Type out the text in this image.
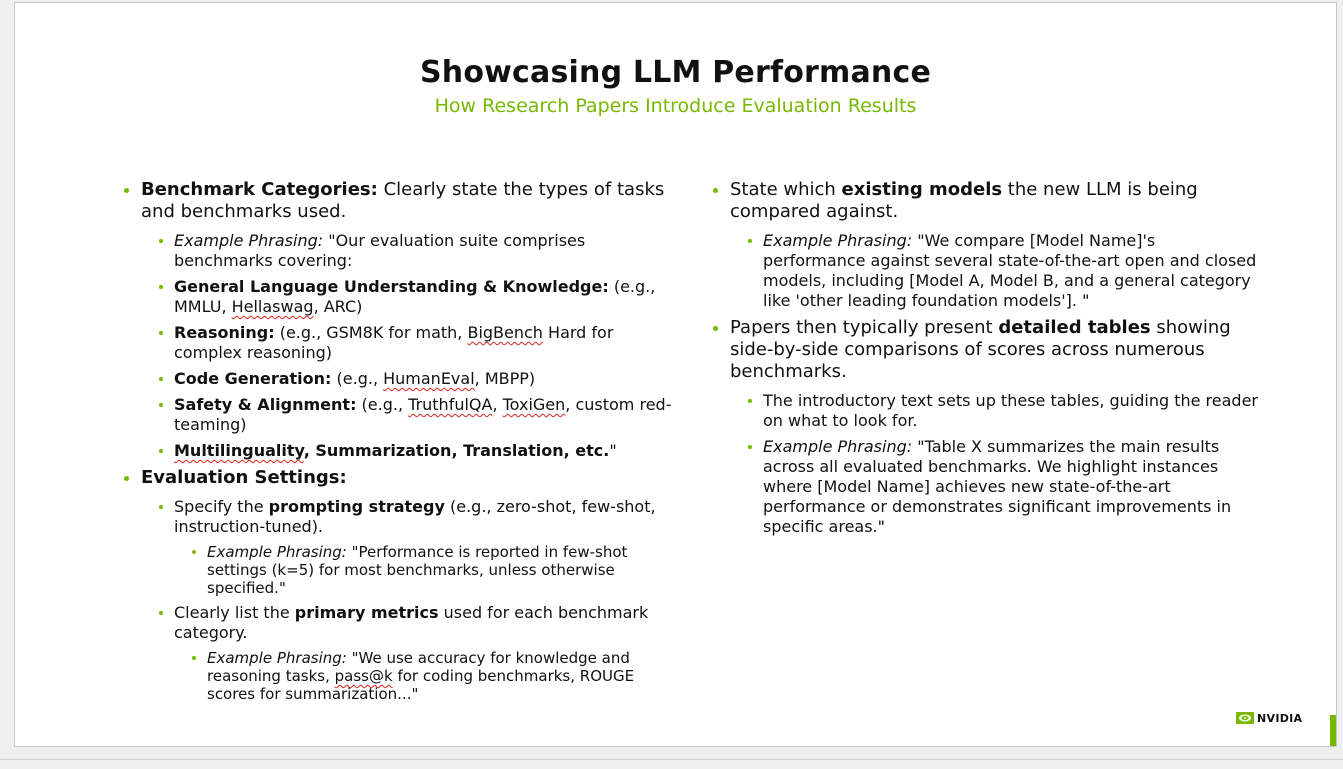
Showcasing LLM Performance
How Research Papers Introduce Evaluation Results
Benchmark Categories: Clearly state the types of tasks and benchmarks used.
Example Phrasing: "Our evaluation suite comprises benchmarks covering:
General Language Understanding & Knowledge: (e.g., MMLU, Hellaswag, ARC)
Reasoning: (e.g., GSM8K for math, BigBench Hard for complex reasoning)
Code Generation: (e.g., HumanEval, MBPP)
Safety & Alignment: (e.g., TruthfulQA, ToxiGen, custom red-teaming)
Multilinguality, Summarization, Translation, etc."
Evaluation Settings:
Specify the prompting strategy (e.g., zero-shot, few-shot, instruction-tuned).
Example Phrasing: "Performance is reported in few-shot settings (k=5) for most benchmarks, unless otherwise specified."
Clearly list the primary metrics used for each benchmark category.
Example Phrasing: "We use accuracy for knowledge and reasoning tasks, pass@k for coding benchmarks, ROUGE scores for summarization..."
State which existing models the new LLM is being compared against.
Example Phrasing: "We compare [Model Name]'s performance against several state-of-the-art open and closed models, including [Model A, Model B, and a general category like 'other leading foundation models']. "
Papers then typically present detailed tables showing side-by-side comparisons of scores across numerous benchmarks.
The introductory text sets up these tables, guiding the reader on what to look for.
Example Phrasing: "Table X summarizes the main results across all evaluated benchmarks. We highlight instances where [Model Name] achieves new state-of-the-art performance or demonstrates significant improvements in specific areas."
NVIDIA
